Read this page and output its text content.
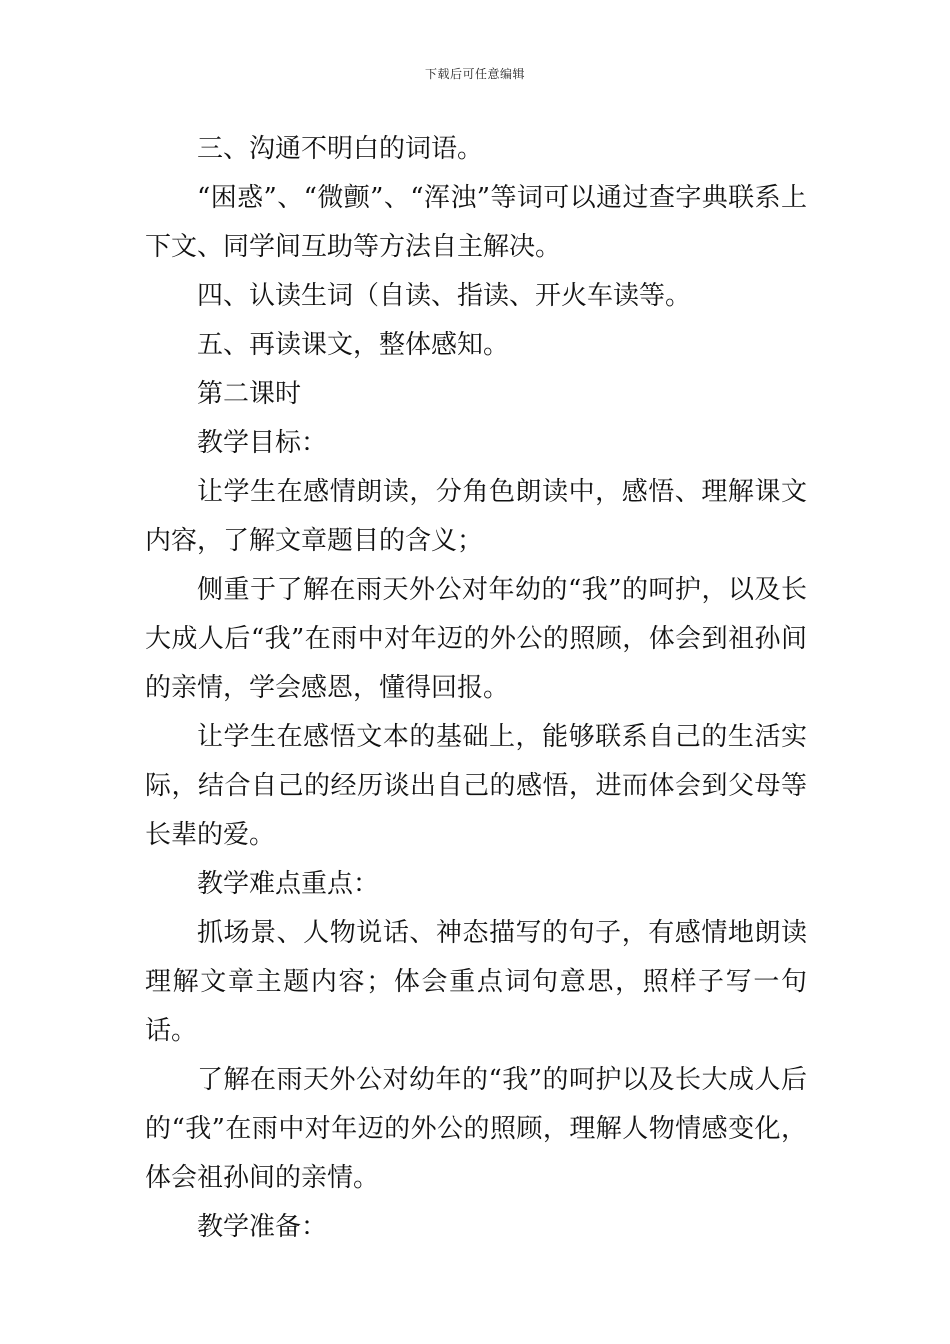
下载后可任意编辑

三、沟通不明白的词语。

“困惑”、“微颤”、“浑浊”等词可以通过查字典联系上下文、同学间互助等方法自主解决。

四、认读生词（自读、指读、开火车读等。

五、再读课文，整体感知。

第二课时

教学目标：

让学生在感情朗读，分角色朗读中，感悟、理解课文内容，了解文章题目的含义；

侧重于了解在雨天外公对年幼的“我”的呵护，以及长大成人后“我”在雨中对年迈的外公的照顾，体会到祖孙间的亲情，学会感恩，懂得回报。

让学生在感悟文本的基础上，能够联系自己的生活实际，结合自己的经历谈出自己的感悟，进而体会到父母等长辈的爱。

教学难点重点：

抓场景、人物说话、神态描写的句子，有感情地朗读理解文章主题内容；体会重点词句意思，照样子写一句话。

了解在雨天外公对幼年的“我”的呵护以及长大成人后的“我”在雨中对年迈的外公的照顾，理解人物情感变化，体会祖孙间的亲情。

教学准备：
